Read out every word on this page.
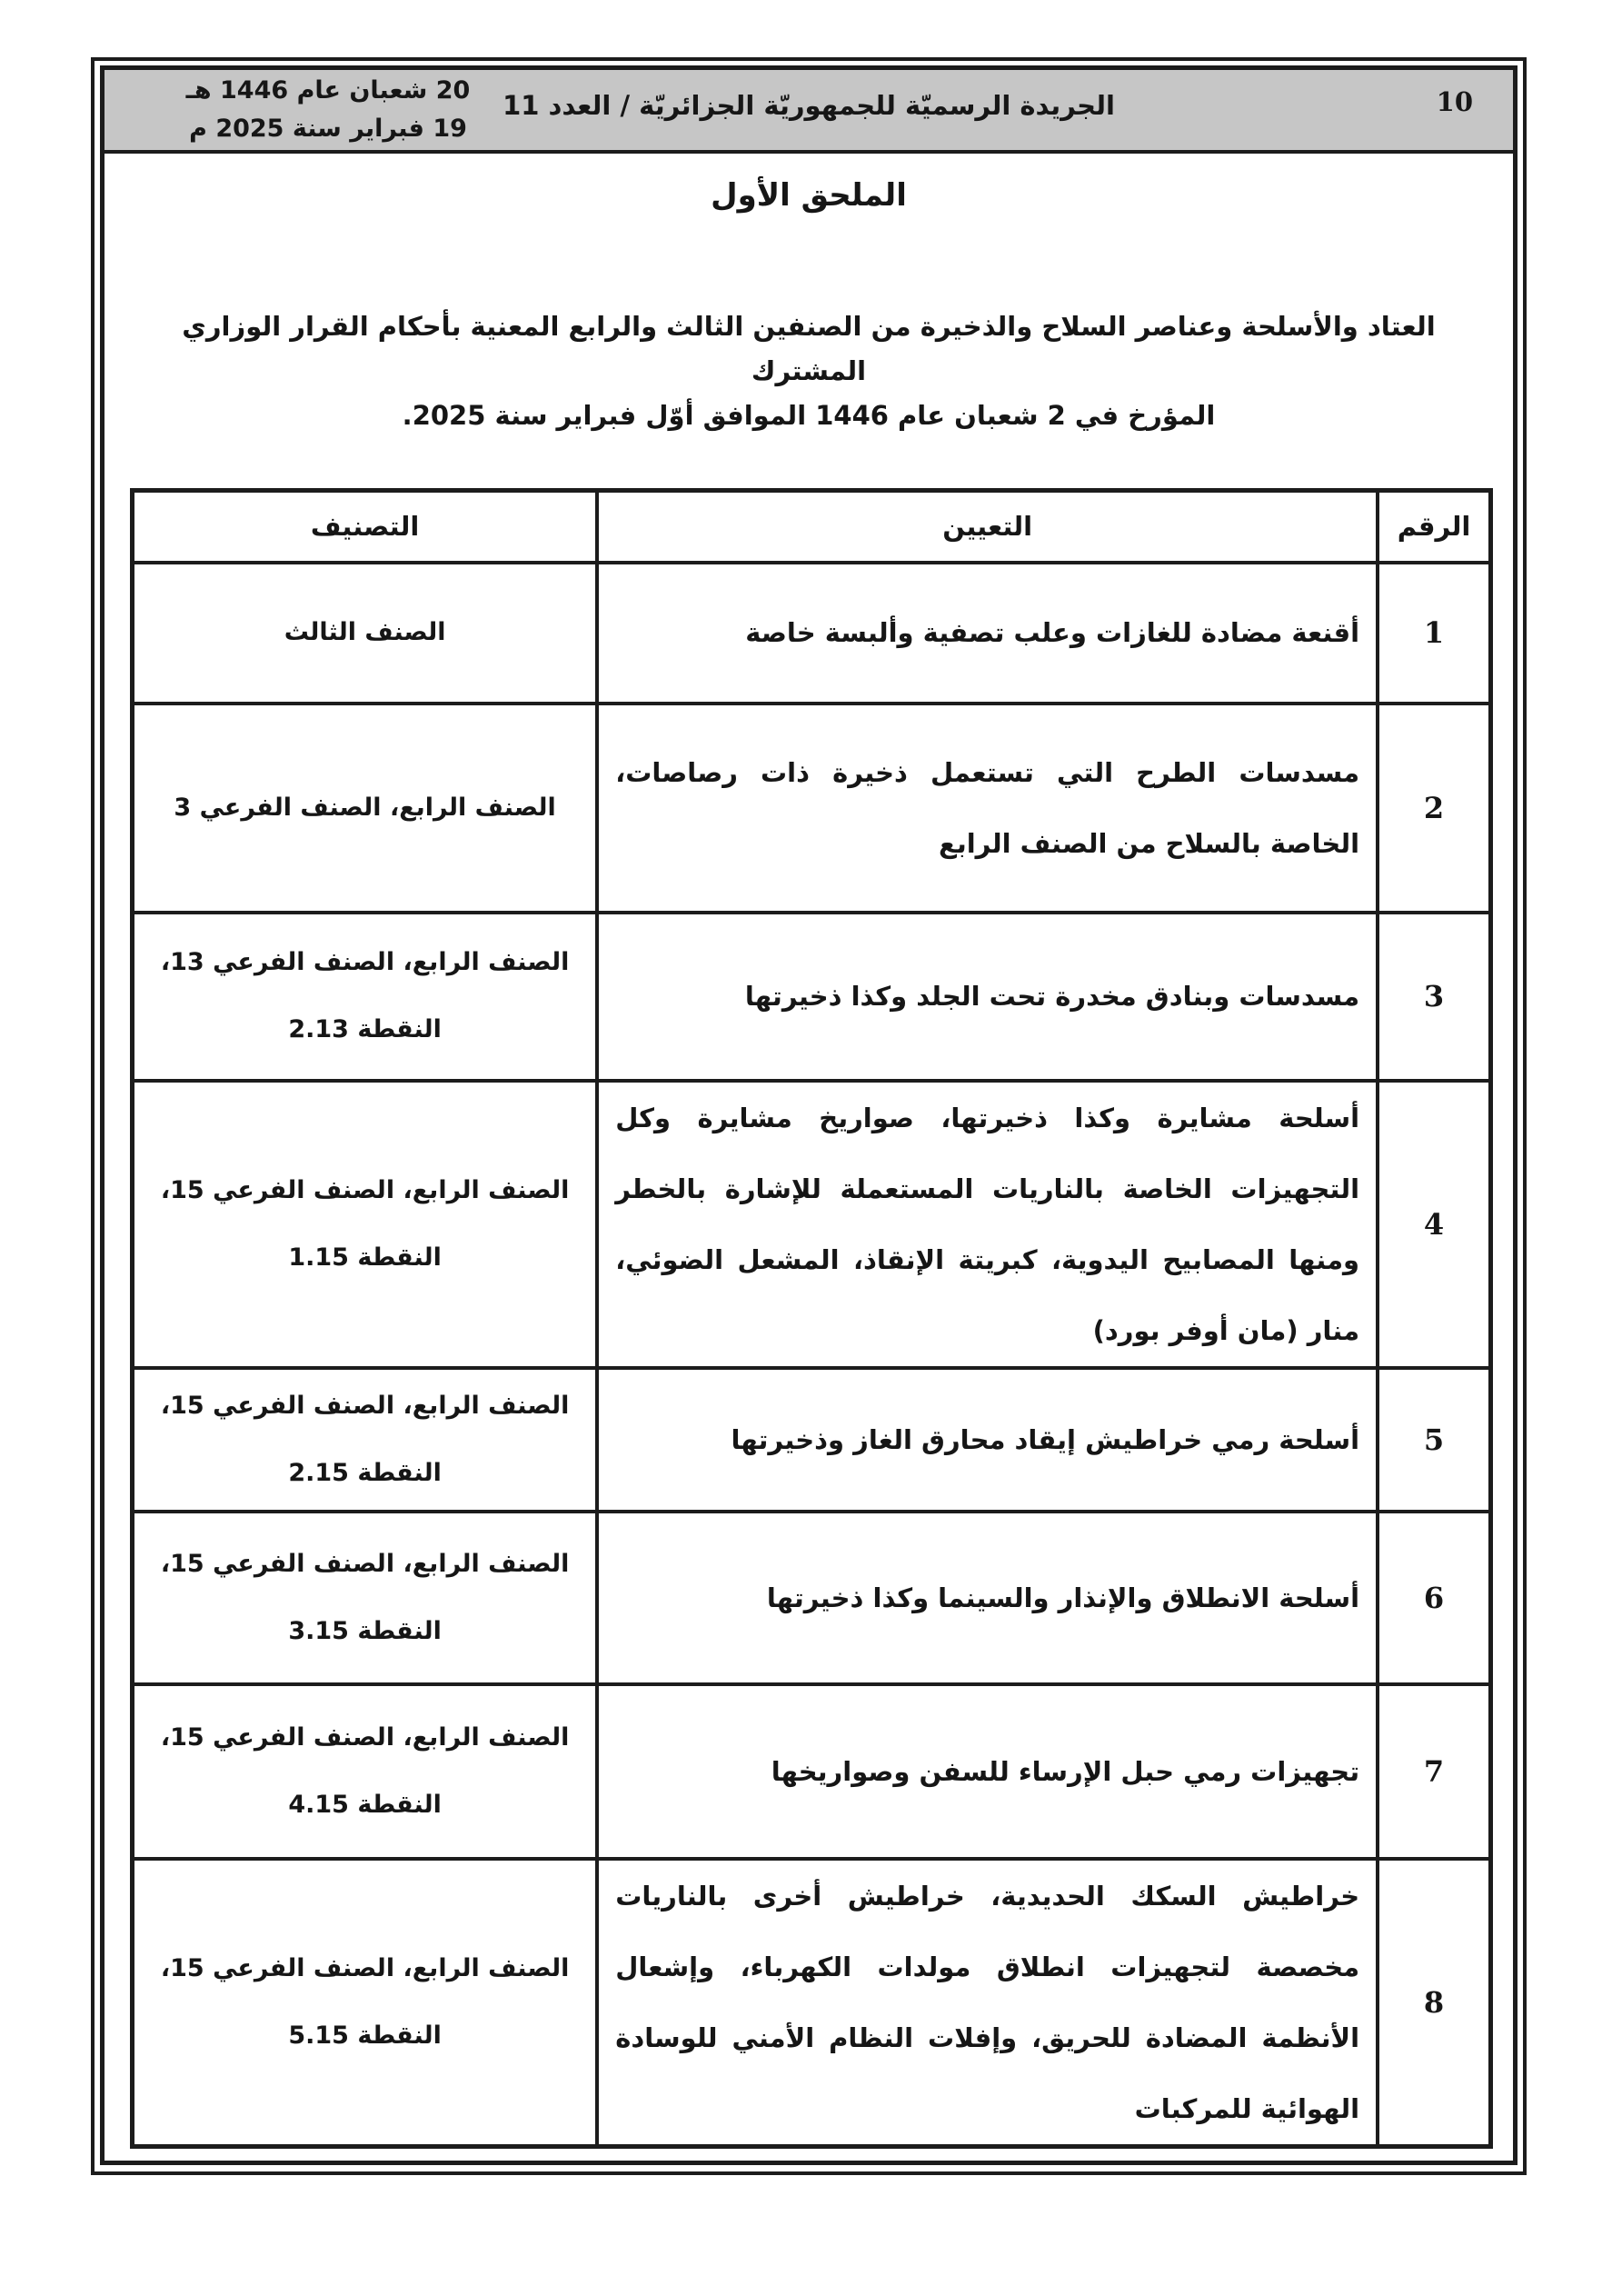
20 شعبان عام 1446 هـ
19 فبراير سنة 2025 م
الجريدة الرسميّة للجمهوريّة الجزائريّة / العدد 11	10
الملحق الأول
العتاد والأسلحة وعناصر السلاح والذخيرة من الصنفين الثالث والرابع المعنية بأحكام القرار الوزاري المشترك
المؤرخ في 2 شعبان عام 1446 الموافق أوّل فبراير سنة 2025.
الرقم	التعيين	التصنيف
1	أقنعة مضادة للغازات وعلب تصفية وألبسة خاصة	الصنف الثالث

2	مسدسات الطرح التي تستعمل ذخيرة ذات رصاصات، الخاصة بالسلاح من الصنف الرابع	الصنف الرابع، الصنف الفرعي 3

3	مسدسات وبنادق مخدرة تحت الجلد وكذا ذخيرتها	الصنف الرابع، الصنف الفرعي 13،
النقطة 2.13

4	أسلحة مشايرة وكذا ذخيرتها، صواريخ مشايرة وكل التجهيزات الخاصة بالناريات المستعملة للإشارة بالخطر ومنها المصابيح اليدوية، كبريتة الإنقاذ، المشعل الضوئي، منار (مان أوفر بورد)	الصنف الرابع، الصنف الفرعي 15،
النقطة 1.15

5	أسلحة رمي خراطيش إيقاد محارق الغاز وذخيرتها	الصنف الرابع، الصنف الفرعي 15،
النقطة 2.15

6	أسلحة الانطلاق والإنذار والسينما وكذا ذخيرتها	الصنف الرابع، الصنف الفرعي 15،
النقطة 3.15

7	تجهيزات رمي حبل الإرساء للسفن وصواريخها	الصنف الرابع، الصنف الفرعي 15،
النقطة 4.15

8	خراطيش السكك الحديدية، خراطيش أخرى بالناريات مخصصة لتجهيزات انطلاق مولدات الكهرباء، وإشعال الأنظمة المضادة للحريق، وإفلات النظام الأمني للوسادة الهوائية للمركبات	الصنف الرابع، الصنف الفرعي 15،
النقطة 5.15
